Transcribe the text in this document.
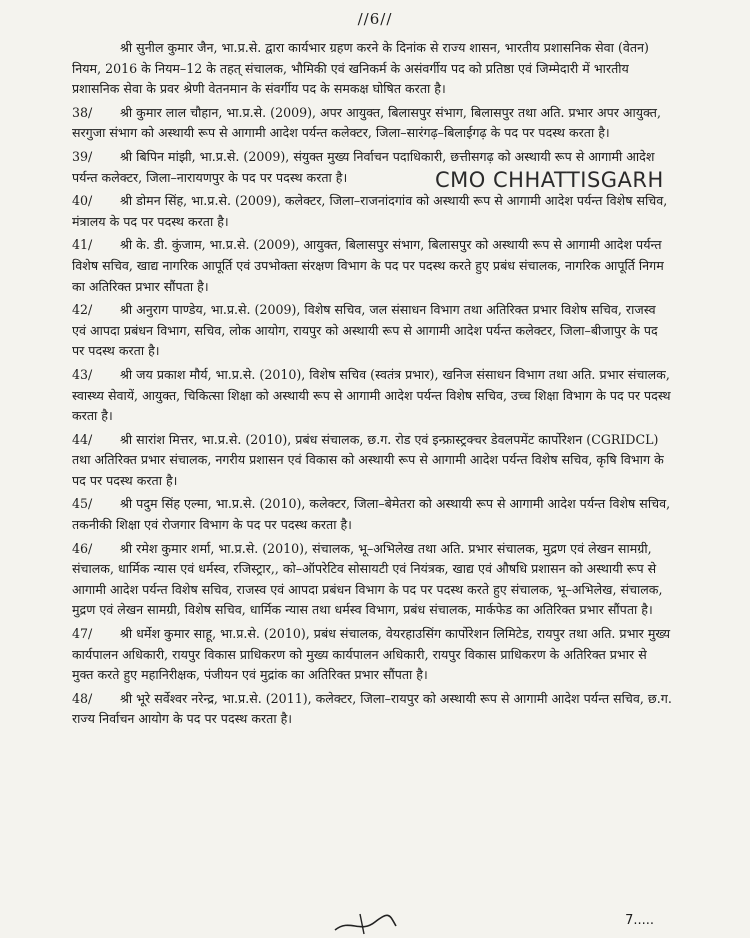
//6//
श्री सुनील कुमार जैन, भा.प्र.से. द्वारा कार्यभार ग्रहण करने के दिनांक से राज्य शासन, भारतीय प्रशासनिक सेवा (वेतन) नियम, 2016 के नियम–12 के तहत् संचालक, भौमिकी एवं खनिकर्म के असंवर्गीय पद को प्रतिष्ठा एवं जिम्मेदारी में भारतीय प्रशासनिक सेवा के प्रवर श्रेणी वेतनमान के संवर्गीय पद के समकक्ष घोषित करता है।
38/ श्री कुमार लाल चौहान, भा.प्र.से. (2009), अपर आयुक्त, बिलासपुर संभाग, बिलासपुर तथा अति. प्रभार अपर आयुक्त, सरगुजा संभाग को अस्थायी रूप से आगामी आदेश पर्यन्त कलेक्टर, जिला–सारंगढ़–बिलाईगढ़ के पद पर पदस्थ करता है।
39/ श्री बिपिन मांझी, भा.प्र.से. (2009), संयुक्त मुख्य निर्वाचन पदाधिकारी, छत्तीसगढ़ को अस्थायी रूप से आगामी आदेश पर्यन्त कलेक्टर, जिला–नारायणपुर के पद पर पदस्थ करता है।
40/ श्री डोमन सिंह, भा.प्र.से. (2009), कलेक्टर, जिला–राजनांदगांव को अस्थायी रूप से आगामी आदेश पर्यन्त विशेष सचिव, मंत्रालय के पद पर पदस्थ करता है।
41/ श्री के. डी. कुंजाम, भा.प्र.से. (2009), आयुक्त, बिलासपुर संभाग, बिलासपुर को अस्थायी रूप से आगामी आदेश पर्यन्त विशेष सचिव, खाद्य नागरिक आपूर्ति एवं उपभोक्ता संरक्षण विभाग के पद पर पदस्थ करते हुए प्रबंध संचालक, नागरिक आपूर्ति निगम का अतिरिक्त प्रभार सौंपता है।
42/ श्री अनुराग पाण्डेय, भा.प्र.से. (2009), विशेष सचिव, जल संसाधन विभाग तथा अतिरिक्त प्रभार विशेष सचिव, राजस्व एवं आपदा प्रबंधन विभाग, सचिव, लोक आयोग, रायपुर को अस्थायी रूप से आगामी आदेश पर्यन्त कलेक्टर, जिला–बीजापुर के पद पर पदस्थ करता है।
43/ श्री जय प्रकाश मौर्य, भा.प्र.से. (2010), विशेष सचिव (स्वतंत्र प्रभार), खनिज संसाधन विभाग तथा अति. प्रभार संचालक, स्वास्थ्य सेवायें, आयुक्त, चिकित्सा शिक्षा को अस्थायी रूप से आगामी आदेश पर्यन्त विशेष सचिव, उच्च शिक्षा विभाग के पद पर पदस्थ करता है।
44/ श्री सारांश मित्तर, भा.प्र.से. (2010), प्रबंध संचालक, छ.ग. रोड एवं इन्फ्रास्ट्रक्चर डेवलपमेंट कार्पोरेशन (CGRIDCL) तथा अतिरिक्त प्रभार संचालक, नगरीय प्रशासन एवं विकास को अस्थायी रूप से आगामी आदेश पर्यन्त विशेष सचिव, कृषि विभाग के पद पर पदस्थ करता है।
45/ श्री पदुम सिंह एल्मा, भा.प्र.से. (2010), कलेक्टर, जिला–बेमेतरा को अस्थायी रूप से आगामी आदेश पर्यन्त विशेष सचिव, तकनीकी शिक्षा एवं रोजगार विभाग के पद पर पदस्थ करता है।
46/ श्री रमेश कुमार शर्मा, भा.प्र.से. (2010), संचालक, भू–अभिलेख तथा अति. प्रभार संचालक, मुद्रण एवं लेखन सामग्री, संचालक, धार्मिक न्यास एवं धर्मस्व, रजिस्ट्रार,, को–ऑपरेटिव सोसायटी एवं नियंत्रक, खाद्य एवं औषधि प्रशासन को अस्थायी रूप से आगामी आदेश पर्यन्त विशेष सचिव, राजस्व एवं आपदा प्रबंधन विभाग के पद पर पदस्थ करते हुए संचालक, भू–अभिलेख, संचालक, मुद्रण एवं लेखन सामग्री, विशेष सचिव, धार्मिक न्यास तथा धर्मस्व विभाग, प्रबंध संचालक, मार्कफेड का अतिरिक्त प्रभार सौंपता है।
47/ श्री धर्मेश कुमार साहू, भा.प्र.से. (2010), प्रबंध संचालक, वेयरहाउसिंग कार्पोरेशन लिमिटेड, रायपुर तथा अति. प्रभार मुख्य कार्यपालन अधिकारी, रायपुर विकास प्राधिकरण को मुख्य कार्यपालन अधिकारी, रायपुर विकास प्राधिकरण के अतिरिक्त प्रभार से मुक्त करते हुए महानिरीक्षक, पंजीयन एवं मुद्रांक का अतिरिक्त प्रभार सौंपता है।
48/ श्री भूरे सर्वेश्वर नरेन्द्र, भा.प्र.से. (2011), कलेक्टर, जिला–रायपुर को अस्थायी रूप से आगामी आदेश पर्यन्त सचिव, छ.ग. राज्य निर्वाचन आयोग के पद पर पदस्थ करता है।
CMO CHHATTISGARH
7.....
